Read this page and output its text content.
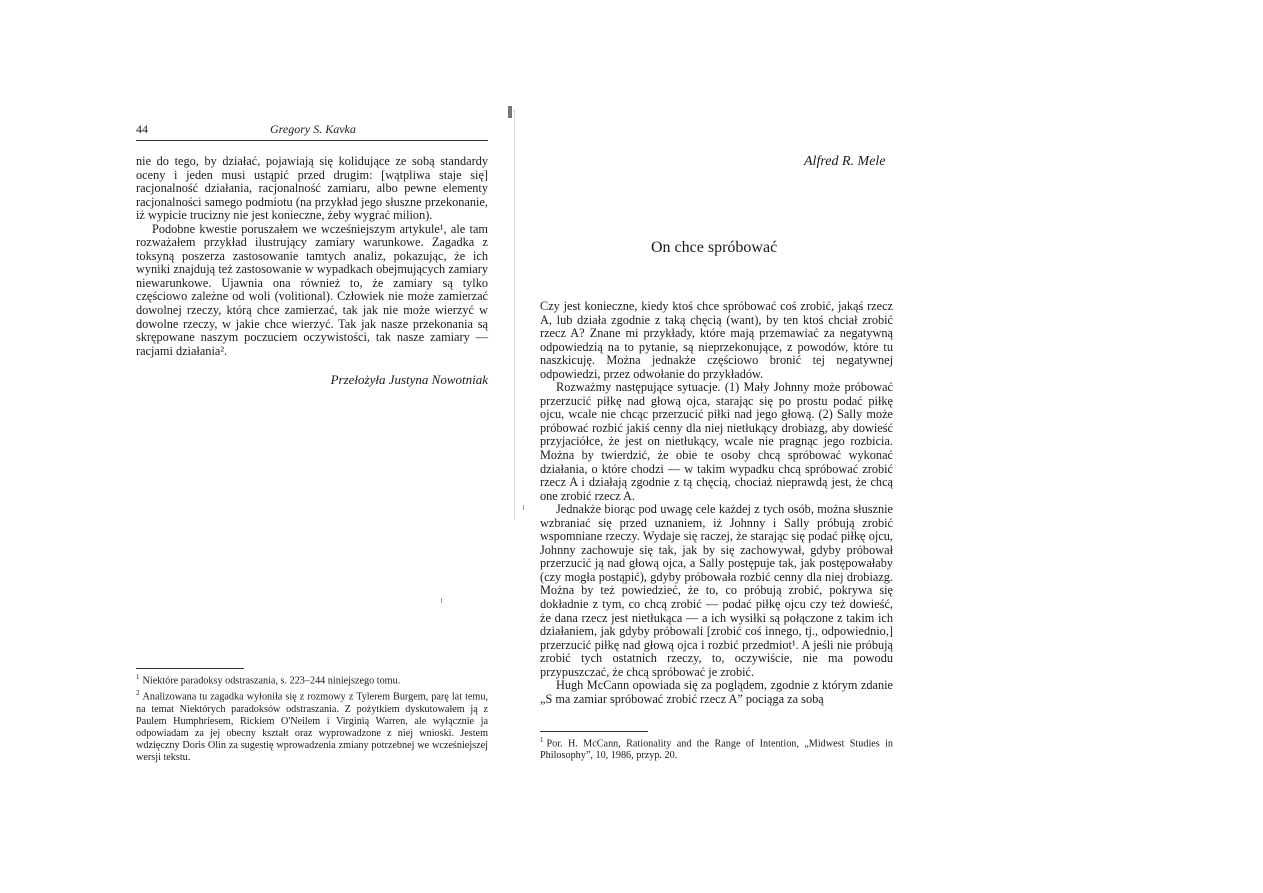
44	Gregory S. Kavka

nie do tego, by działać, pojawiają się kolidujące ze sobą standardy oceny i jeden musi ustąpić przed drugim: [wątpliwa staje się] racjonalność działania, racjonalność zamiaru, albo pewne elementy racjonalności samego podmiotu (na przykład jego słuszne przekonanie, iż wypicie trucizny nie jest konieczne, żeby wygrać milion).

Podobne kwestie poruszałem we wcześniejszym artykule¹, ale tam rozważałem przykład ilustrujący zamiary warunkowe. Zagadka z toksyną poszerza zastosowanie tamtych analiz, pokazując, że ich wyniki znajdują też zastosowanie w wypadkach obejmujących zamiary niewarunkowe. Ujawnia ona również to, że zamiary są tylko częściowo zależne od woli (volitional). Człowiek nie może zamierzać dowolnej rzeczy, którą chce zamierzać, tak jak nie może wierzyć w dowolne rzeczy, w jakie chce wierzyć. Tak jak nasze przekonania są skrępowane naszym poczuciem oczywistości, tak nasze zamiary — racjami działania².

Przełożyła Justyna Nowotniak

$^1$ Niektóre paradoksy odstraszania, s. 223–244 niniejszego tomu.

$^2$ Analizowana tu zagadka wyłoniła się z rozmowy z Tylerem Burgem, parę lat temu, na temat Niektórych paradoksów odstraszania. Z pożytkiem dyskutowałem ją z Paulem Humphriesem, Rickiem O'Neilem i Virginią Warren, ale wyłącznie ja odpowiadam za jej obecny kształt oraz wyprowadzone z niej wnioski. Jestem wdzięczny Doris Olin za sugestię wprowadzenia zmiany potrzebnej we wcześniejszej wersji tekstu.

Alfred R. Mele
On chce spróbować

Czy jest konieczne, kiedy ktoś chce spróbować coś zrobić, jakąś rzecz A, lub działa zgodnie z taką chęcią (want), by ten ktoś chciał zrobić rzecz A? Znane mi przykłady, które mają przemawiać za negatywną odpowiedzią na to pytanie, są nieprzekonujące, z powodów, które tu naszkicuję. Można jednakże częściowo bronić tej negatywnej odpowiedzi, przez odwołanie do przykładów.

Rozważmy następujące sytuacje. (1) Mały Johnny może próbować przerzucić piłkę nad głową ojca, starając się po prostu podać piłkę ojcu, wcale nie chcąc przerzucić piłki nad jego głową. (2) Sally może próbować rozbić jakiś cenny dla niej nietłukący drobiazg, aby dowieść przyjaciółce, że jest on nietłukący, wcale nie pragnąc jego rozbicia. Można by twierdzić, że obie te osoby chcą spróbować wykonać działania, o które chodzi — w takim wypadku chcą spróbować zrobić rzecz A i działają zgodnie z tą chęcią, chociaż nieprawdą jest, że chcą one zrobić rzecz A.

Jednakże biorąc pod uwagę cele każdej z tych osób, można słusznie wzbraniać się przed uznaniem, iż Johnny i Sally próbują zrobić wspomniane rzeczy. Wydaje się raczej, że starając się podać piłkę ojcu, Johnny zachowuje się tak, jak by się zachowywał, gdyby próbował przerzucić ją nad głową ojca, a Sally postępuje tak, jak postępowałaby (czy mogła postąpić), gdyby próbowała rozbić cenny dla niej drobiazg. Można by też powiedzieć, że to, co próbują zrobić, pokrywa się dokładnie z tym, co chcą zrobić — podać piłkę ojcu czy też dowieść, że dana rzecz jest nietłukąca — a ich wysiłki są połączone z takim ich działaniem, jak gdyby próbowali [zrobić coś innego, tj., odpowiednio,] przerzucić piłkę nad głową ojca i rozbić przedmiot¹. A jeśli nie próbują zrobić tych ostatnich rzeczy, to, oczywiście, nie ma powodu przypuszczać, że chcą spróbować je zrobić.

Hugh McCann opowiada się za poglądem, zgodnie z którym zdanie „S ma zamiar spróbować zrobić rzecz A” pociąga za sobą

$^1$ Por. H. McCann, Rationality and the Range of Intention, „Midwest Studies in Philosophy”, 10, 1986, przyp. 20.
